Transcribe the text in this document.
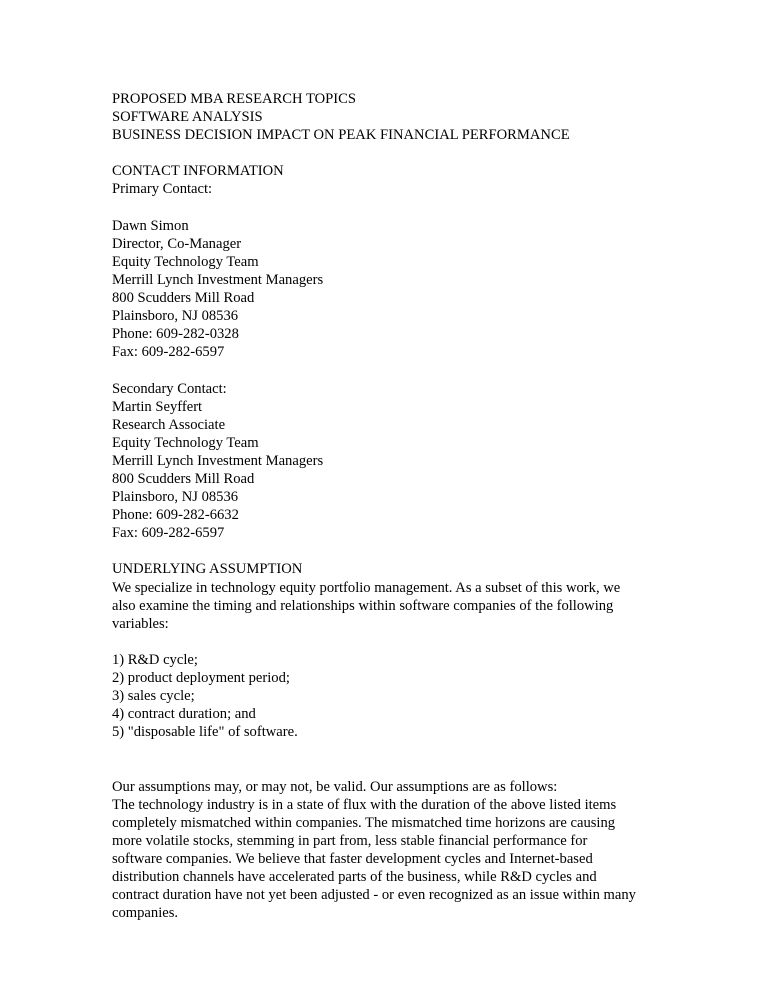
PROPOSED MBA RESEARCH TOPICS
SOFTWARE ANALYSIS
BUSINESS DECISION IMPACT ON PEAK FINANCIAL PERFORMANCE
CONTACT INFORMATION
Primary Contact:
Dawn Simon
Director, Co-Manager
Equity Technology Team
Merrill Lynch Investment Managers
800 Scudders Mill Road
Plainsboro, NJ 08536
Phone: 609-282-0328
Fax: 609-282-6597
Secondary Contact:
Martin Seyffert
Research Associate
Equity Technology Team
Merrill Lynch Investment Managers
800 Scudders Mill Road
Plainsboro, NJ 08536
Phone: 609-282-6632
Fax: 609-282-6597
UNDERLYING ASSUMPTION
We specialize in technology equity portfolio management. As a subset of this work, we
also examine the timing and relationships within software companies of the following
variables:
1) R&D cycle;
2) product deployment period;
3) sales cycle;
4) contract duration; and
5) "disposable life" of software.
Our assumptions may, or may not, be valid. Our assumptions are as follows:
The technology industry is in a state of flux with the duration of the above listed items
completely mismatched within companies. The mismatched time horizons are causing
more volatile stocks, stemming in part from, less stable financial performance for
software companies. We believe that faster development cycles and Internet-based
distribution channels have accelerated parts of the business, while R&D cycles and
contract duration have not yet been adjusted - or even recognized as an issue within many
companies.
